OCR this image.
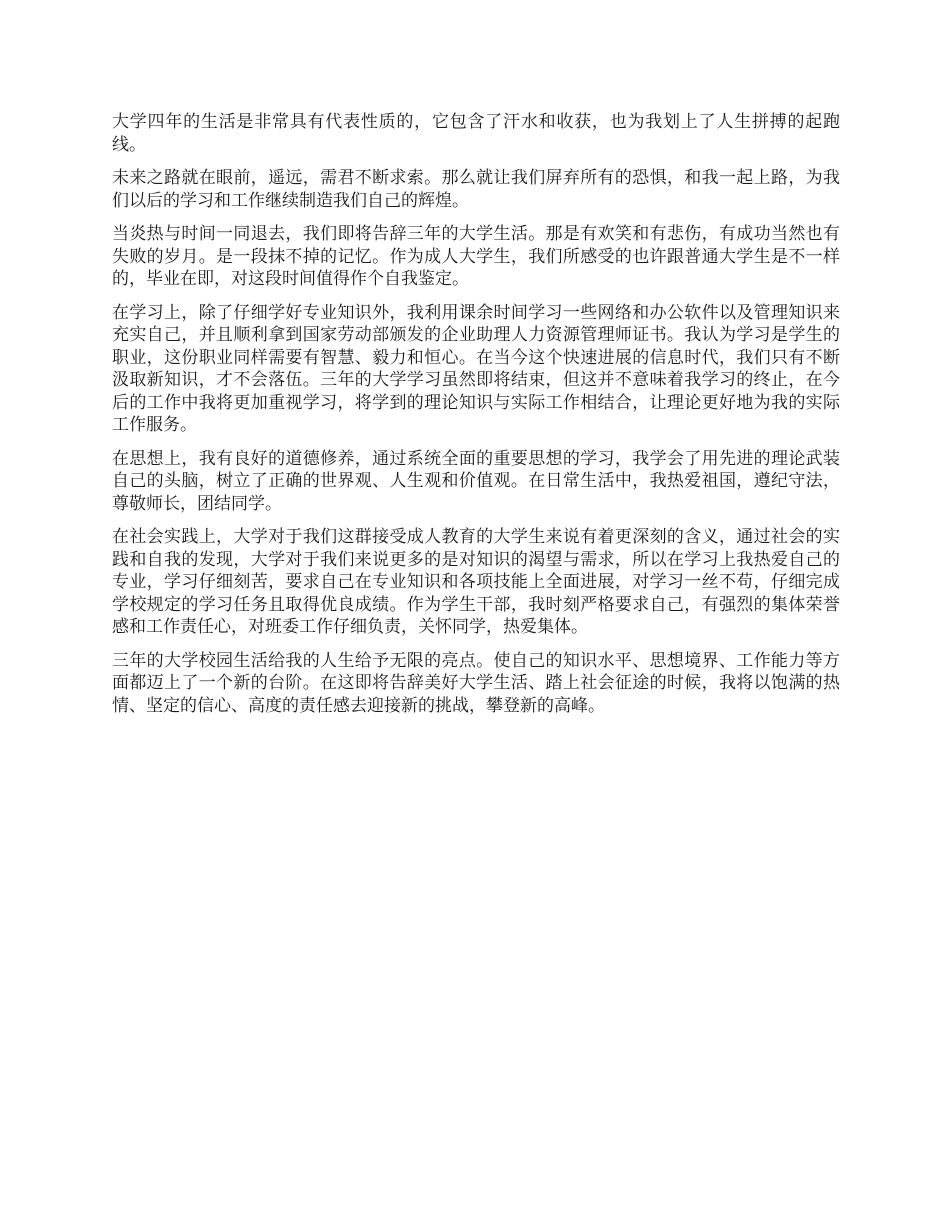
大学四年的生活是非常具有代表性质的，它包含了汗水和收获，也为我划上了人生拼搏的起跑线。

未来之路就在眼前，遥远，需君不断求索。那么就让我们屏弃所有的恐惧，和我一起上路，为我们以后的学习和工作继续制造我们自己的辉煌。

当炎热与时间一同退去，我们即将告辞三年的大学生活。那是有欢笑和有悲伤，有成功当然也有失败的岁月。是一段抹不掉的记忆。作为成人大学生，我们所感受的也许跟普通大学生是不一样的，毕业在即，对这段时间值得作个自我鉴定。

在学习上，除了仔细学好专业知识外，我利用课余时间学习一些网络和办公软件以及管理知识来充实自己，并且顺利拿到国家劳动部颁发的企业助理人力资源管理师证书。我认为学习是学生的职业，这份职业同样需要有智慧、毅力和恒心。在当今这个快速进展的信息时代，我们只有不断汲取新知识，才不会落伍。三年的大学学习虽然即将结束，但这并不意味着我学习的终止，在今后的工作中我将更加重视学习，将学到的理论知识与实际工作相结合，让理论更好地为我的实际工作服务。

在思想上，我有良好的道德修养，通过系统全面的重要思想的学习，我学会了用先进的理论武装自己的头脑，树立了正确的世界观、人生观和价值观。在日常生活中，我热爱祖国，遵纪守法，尊敬师长，团结同学。

在社会实践上，大学对于我们这群接受成人教育的大学生来说有着更深刻的含义，通过社会的实践和自我的发现，大学对于我们来说更多的是对知识的渴望与需求，所以在学习上我热爱自己的专业，学习仔细刻苦，要求自己在专业知识和各项技能上全面进展，对学习一丝不苟，仔细完成学校规定的学习任务且取得优良成绩。作为学生干部，我时刻严格要求自己，有强烈的集体荣誉感和工作责任心，对班委工作仔细负责，关怀同学，热爱集体。

三年的大学校园生活给我的人生给予无限的亮点。使自己的知识水平、思想境界、工作能力等方面都迈上了一个新的台阶。在这即将告辞美好大学生活、踏上社会征途的时候，我将以饱满的热情、坚定的信心、高度的责任感去迎接新的挑战，攀登新的高峰。
